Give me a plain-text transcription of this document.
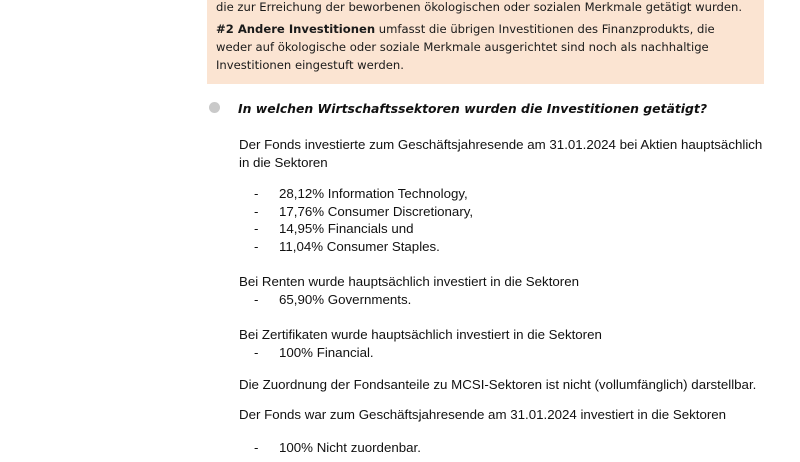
die zur Erreichung der beworbenen ökologischen oder sozialen Merkmale getätigt wurden.

#2 Andere Investitionen umfasst die übrigen Investitionen des Finanzprodukts, die weder auf ökologische oder soziale Merkmale ausgerichtet sind noch als nachhaltige Investitionen eingestuft werden.

In welchen Wirtschaftssektoren wurden die Investitionen getätigt?
Der Fonds investierte zum Geschäftsjahresende am 31.01.2024 bei Aktien hauptsächlich in die Sektoren
- 28,12% Information Technology,
- 17,76% Consumer Discretionary,
- 14,95% Financials und
- 11,04% Consumer Staples.
Bei Renten wurde hauptsächlich investiert in die Sektoren
- 65,90% Governments.
Bei Zertifikaten wurde hauptsächlich investiert in die Sektoren
- 100% Financial.
Die Zuordnung der Fondsanteile zu MCSI-Sektoren ist nicht (vollumfänglich) darstellbar.
Der Fonds war zum Geschäftsjahresende am 31.01.2024 investiert in die Sektoren
- 100% Nicht zuordenbar.
